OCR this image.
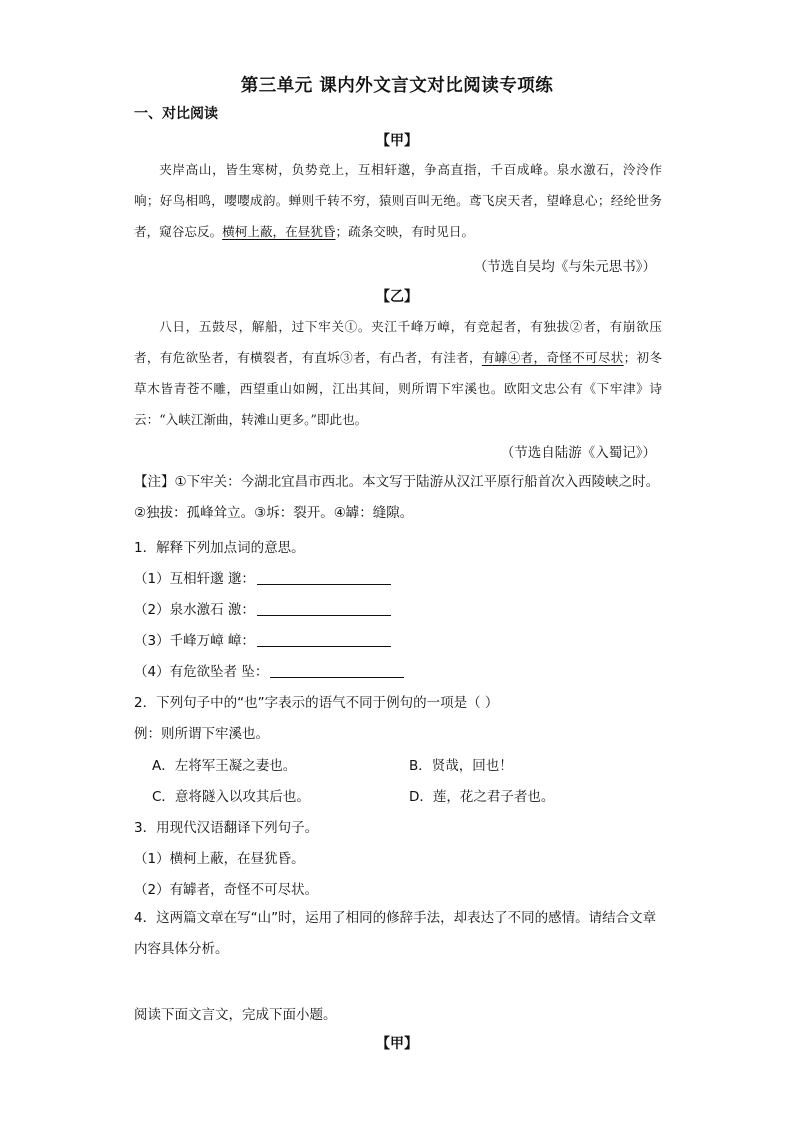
第三单元 课内外文言文对比阅读专项练
一、对比阅读
【甲】

夹岸高山，皆生寒树，负势竞上，互相轩邈，争高直指，千百成峰。泉水激石，泠泠作响；好鸟相鸣，嘤嘤成韵。蝉则千转不穷，猿则百叫无绝。鸢飞戾天者，望峰息心；经纶世务者，窥谷忘反。横柯上蔽，在昼犹昏；疏条交映，有时见日。

（节选自吴均《与朱元思书》）
【乙】

八日，五鼓尽，解船，过下牢关①。夹江千峰万嶂，有竞起者，有独拔②者，有崩欲压者，有危欲坠者，有横裂者，有直坼③者，有凸者，有洼者，有罅④者，奇怪不可尽状；初冬草木皆青苍不雕，西望重山如阙，江出其间，则所谓下牢溪也。欧阳文忠公有《下牢津》诗云：“入峡江渐曲，转滩山更多。”即此也。

（节选自陆游《入蜀记》）

【注】①下牢关：今湖北宜昌市西北。本文写于陆游从汉江平原行船首次入西陵峡之时。②独拔：孤峰耸立。③坼：裂开。④罅：缝隙。

1．解释下列加点词的意思。
（1）互相轩邈 邈：
（2）泉水激石 激：
（3）千峰万嶂 嶂：
（4）有危欲坠者 坠：
2．下列句子中的“也”字表示的语气不同于例句的一项是（ ）
例：则所谓下牢溪也。
A．左将军王凝之妻也。	B．贤哉，回也！
C．意将隧入以攻其后也。	D．莲，花之君子者也。
3．用现代汉语翻译下列句子。
（1）横柯上蔽，在昼犹昏。
（2）有罅者，奇怪不可尽状。

4．这两篇文章在写“山”时，运用了相同的修辞手法，却表达了不同的感情。请结合文章内容具体分析。

阅读下面文言文，完成下面小题。
【甲】
